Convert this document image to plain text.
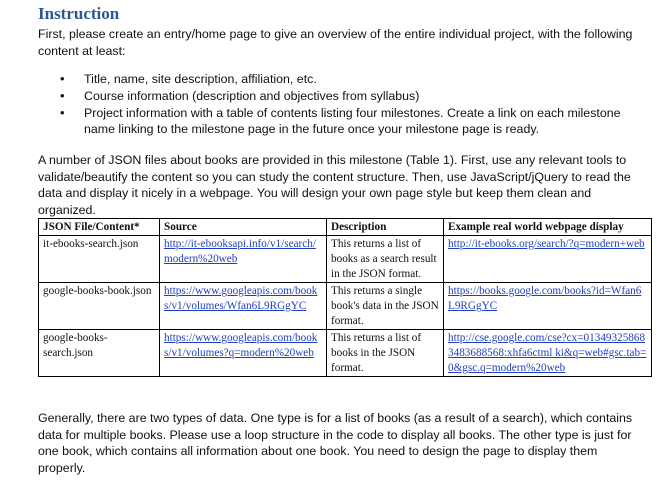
Instruction

First, please create an entry/home page to give an overview of the entire individual project, with the following content at least:

• Title, name, site description, affiliation, etc.
• Course information (description and objectives from syllabus)
• Project information with a table of contents listing four milestones. Create a link on each milestone name linking to the milestone page in the future once your milestone page is ready.

A number of JSON files about books are provided in this milestone (Table 1). First, use any relevant tools to validate/beautify the content so you can study the content structure. Then, use JavaScript/jQuery to read the data and display it nicely in a webpage. You will design your own page style but keep them clean and organized.

JSON File/Content*	Source	Description	Example real world webpage display
it-ebooks-search.json	http://it-ebooksapi.info/v1/search/modern%20web	This returns a list of books as a search result in the JSON format.	http://it-ebooks.org/search/?q=modern+web
google-books-book.json	https://www.googleapis.com/books/v1/volumes/Wfan6L9RGgYC	This returns a single book's data in the JSON format.	https://books.google.com/books?id=Wfan6L9RGgYC
google-books-search.json	https://www.googleapis.com/books/v1/volumes?q=modern%20web	This returns a list of books in the JSON format.	http://cse.google.com/cse?cx=013493258683483688568:xhfa6ctml ki&q=web#gsc.tab=0&gsc.q=modern%20web

Generally, there are two types of data. One type is for a list of books (as a result of a search), which contains data for multiple books. Please use a loop structure in the code to display all books. The other type is just for one book, which contains all information about one book. You need to design the page to display them properly.
